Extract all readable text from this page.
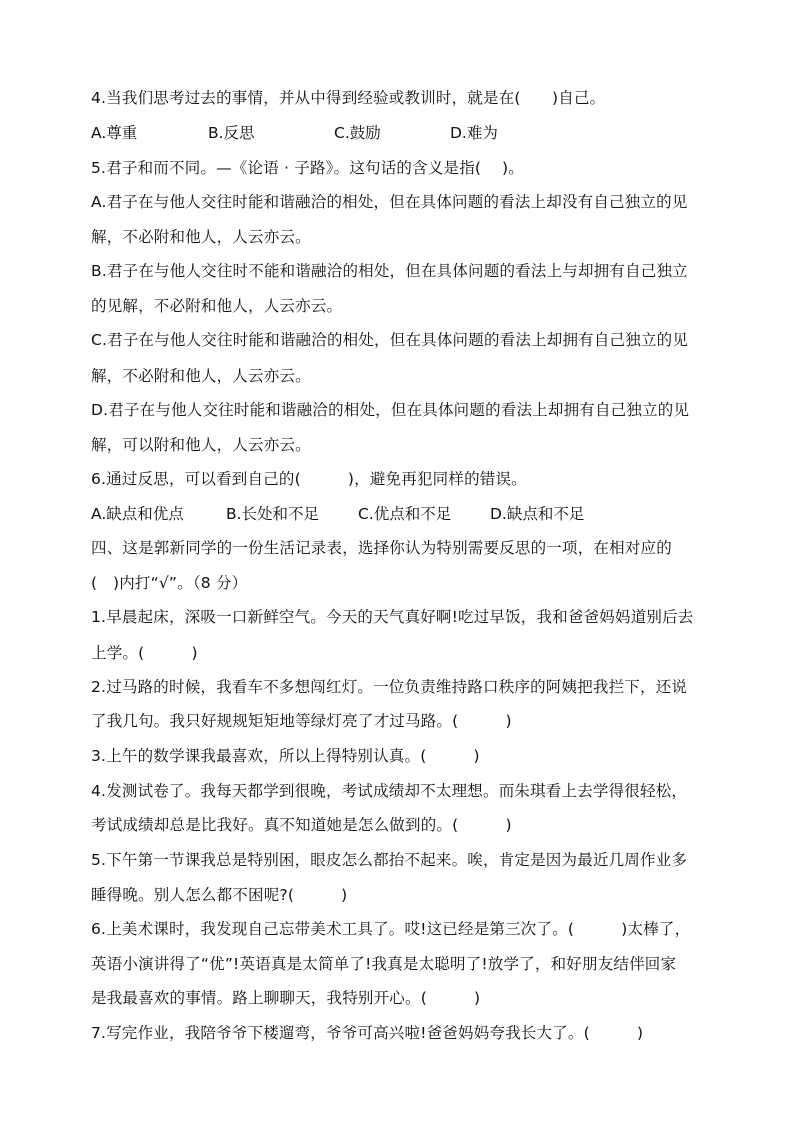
4.当我们思考过去的事情，并从中得到经验或教训时，就是在(　　)自己。
A.尊重	B.反思	C.鼓励	D.难为
5.君子和而不同。—《论语 · 子路》。这句话的含义是指(　 )。
A.君子在与他人交往时能和谐融洽的相处，但在具体问题的看法上却没有自己独立的见
解，不必附和他人，人云亦云。
B.君子在与他人交往时不能和谐融洽的相处，但在具体问题的看法上与却拥有自己独立
的见解，不必附和他人，人云亦云。
C.君子在与他人交往时能和谐融洽的相处，但在具体问题的看法上却拥有自己独立的见
解，不必附和他人，人云亦云。
D.君子在与他人交往时能和谐融洽的相处，但在具体问题的看法上却拥有自己独立的见
解，可以附和他人，人云亦云。
6.通过反思，可以看到自己的(　　　)，避免再犯同样的错误。
A.缺点和优点	B.长处和不足	C.优点和不足 D.缺点和不足
四、这是郭新同学的一份生活记录表，选择你认为特别需要反思的一项，在相对应的
(　)内打“√”。（8 分）
1.早晨起床，深吸一口新鲜空气。今天的天气真好啊!吃过早饭，我和爸爸妈妈道别后去
上学。(　　　)
2.过马路的时候，我看车不多想闯红灯。一位负责维持路口秩序的阿姨把我拦下，还说
了我几句。我只好规规矩矩地等绿灯亮了才过马路。(　　　)
3.上午的数学课我最喜欢，所以上得特别认真。(　　　)
4.发测试卷了。我每天都学到很晚，考试成绩却不太理想。而朱琪看上去学得很轻松，
考试成绩却总是比我好。真不知道她是怎么做到的。(　　　)
5.下午第一节课我总是特别困，眼皮怎么都抬不起来。唉，肯定是因为最近几周作业多
睡得晚。别人怎么都不困呢?(　　　)
6.上美术课时，我发现自己忘带美术工具了。哎!这已经是第三次了。(　　　)太棒了，
英语小演讲得了“优”!英语真是太简单了!我真是太聪明了!放学了，和好朋友结伴回家
是我最喜欢的事情。路上聊聊天，我特别开心。(　　　)
7.写完作业，我陪爷爷下楼遛弯，爷爷可高兴啦!爸爸妈妈夸我长大了。(　　　)
